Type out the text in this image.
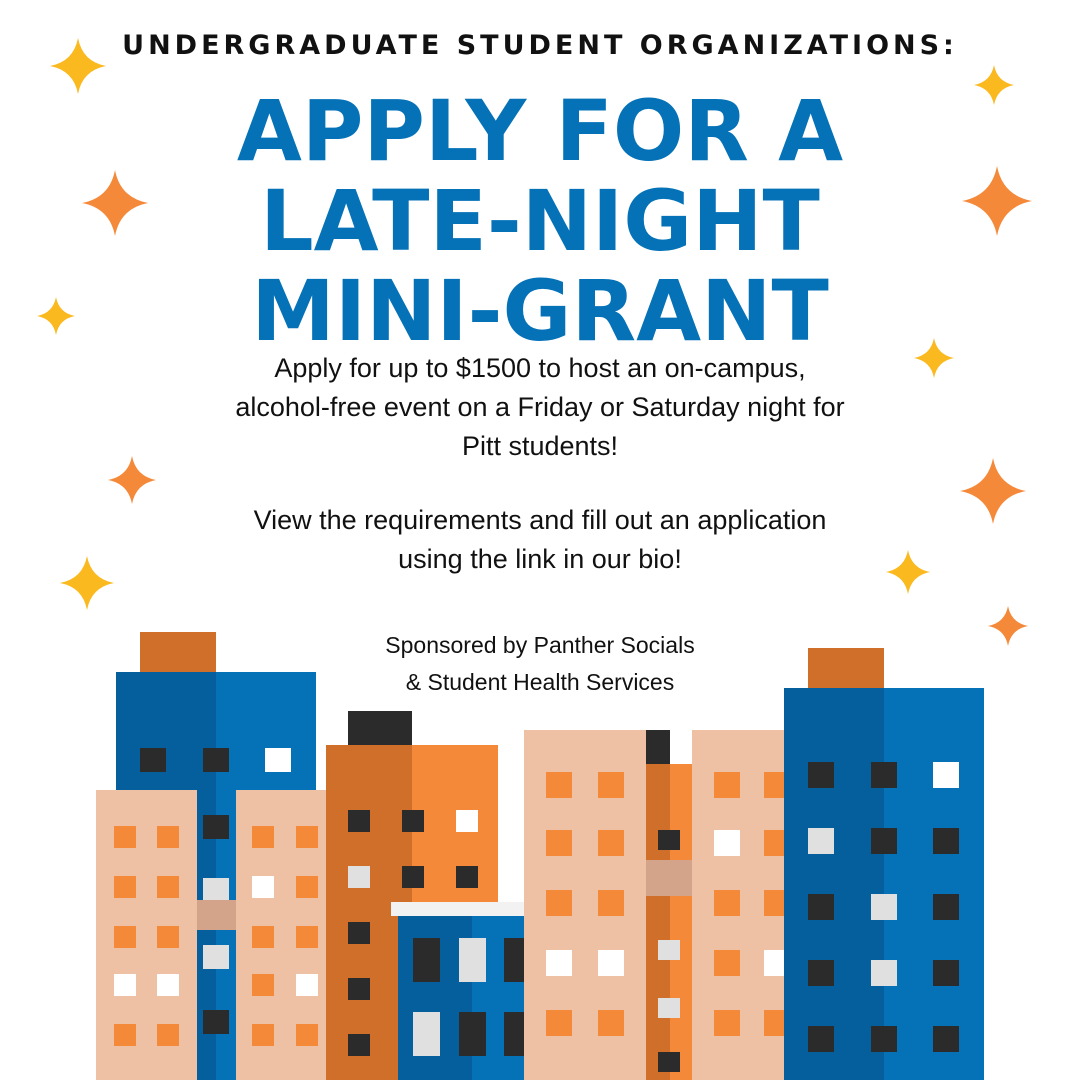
UNDERGRADUATE STUDENT ORGANIZATIONS:
APPLY FOR A
LATE-NIGHT
MINI-GRANT
Apply for up to $1500 to host an on-campus,
alcohol-free event on a Friday or Saturday night for
Pitt students!
View the requirements and fill out an application
using the link in our bio!
Sponsored by Panther Socials
& Student Health Services
